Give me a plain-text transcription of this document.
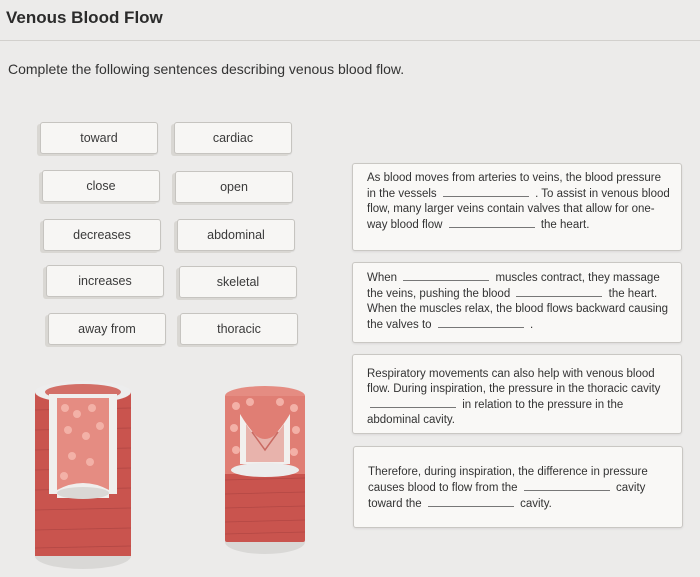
Venous Blood Flow
Complete the following sentences describing venous blood flow.
toward
close
decreases
increases
away from
cardiac
open
abdominal
skeletal
thoracic
As blood moves from arteries to veins, the blood pressure in the vessels	. To assist in venous blood flow, many larger veins contain valves that allow for one-way blood flow	the heart.
When	muscles contract, they massage the veins, pushing the blood	the heart. When the muscles relax, the blood flows backward causing the valves to	.
Respiratory movements can also help with venous blood flow. During inspiration, the pressure in the thoracic cavity  in relation to the pressure in the abdominal cavity.
Therefore, during inspiration, the difference in pressure causes blood to flow from the	cavity toward the	cavity.
